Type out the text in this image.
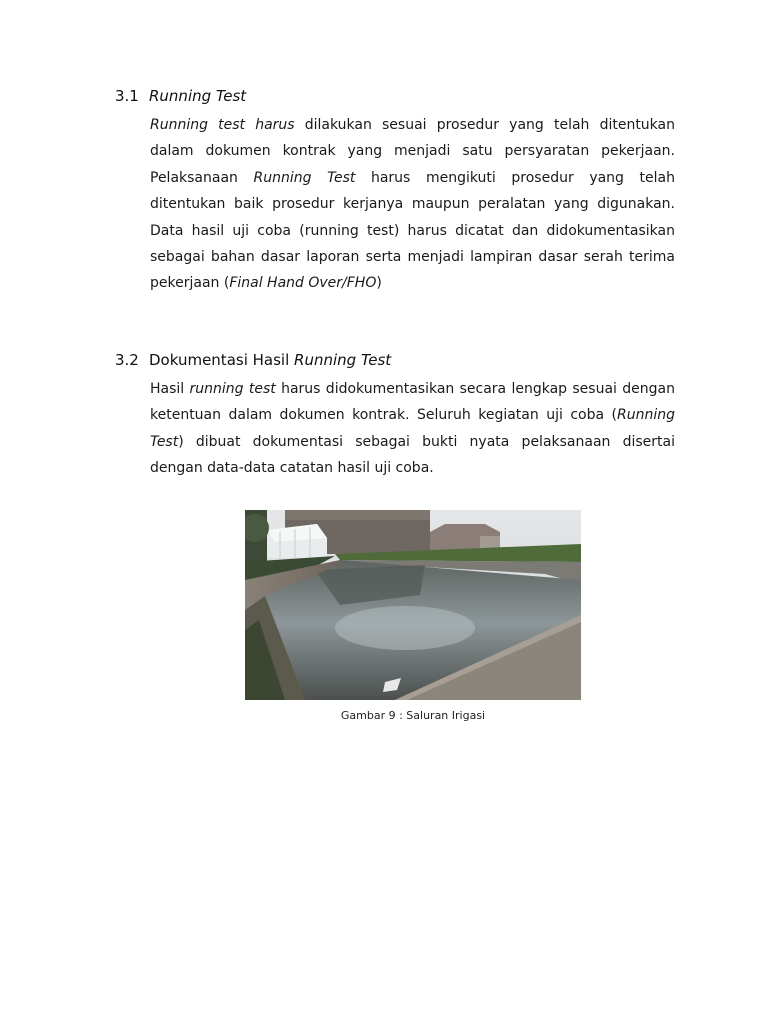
3.1 Running Test

Running test harus dilakukan sesuai prosedur yang telah ditentukan dalam dokumen kontrak yang menjadi satu persyaratan pekerjaan. Pelaksanaan Running Test harus mengikuti prosedur yang telah ditentukan baik prosedur kerjanya maupun peralatan yang digunakan. Data hasil uji coba (running test) harus dicatat dan didokumentasikan sebagai bahan dasar laporan serta menjadi lampiran dasar serah terima pekerjaan (Final Hand Over/FHO)

3.2 Dokumentasi Hasil Running Test

Hasil running test harus didokumentasikan secara lengkap sesuai dengan ketentuan dalam dokumen kontrak. Seluruh kegiatan uji coba (Running Test) dibuat dokumentasi sebagai bukti nyata pelaksanaan disertai dengan data-data catatan hasil uji coba.

Gambar 9 : Saluran Irigasi
